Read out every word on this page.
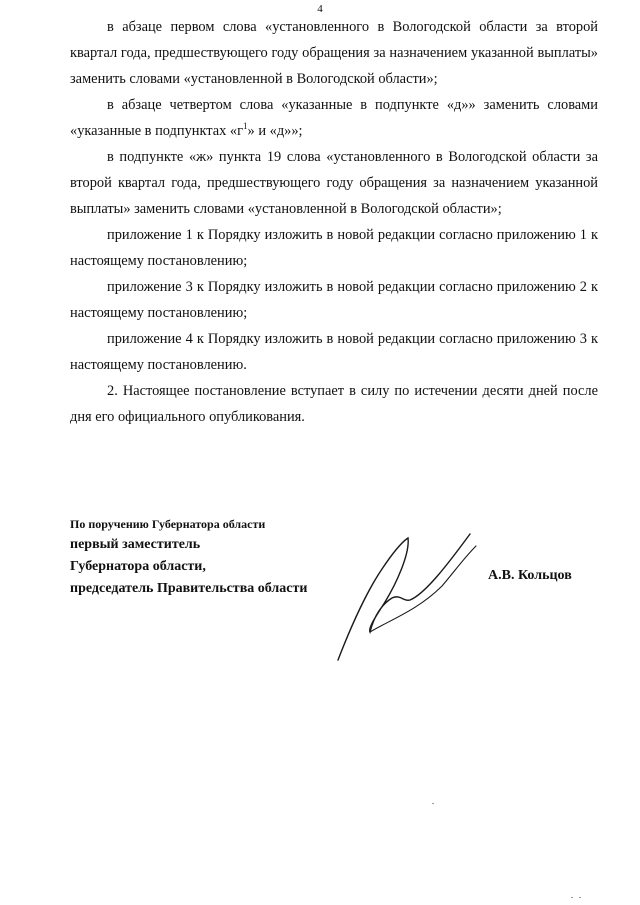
4

в абзаце первом слова «установленного в Вологодской области за второй квартал года, предшествующего году обращения за назначением указанной выплаты» заменить словами «установленной в Вологодской области»;

в абзаце четвертом слова «указанные в подпункте «д»» заменить словами «указанные в подпунктах «$г^1$» и «д»»;

в подпункте «ж» пункта 19 слова «установленного в Вологодской области за второй квартал года, предшествующего году обращения за назначением указанной выплаты» заменить словами «установленной в Вологодской области»;

приложение 1 к Порядку изложить в новой редакции согласно приложению 1 к настоящему постановлению;

приложение 3 к Порядку изложить в новой редакции согласно приложению 2 к настоящему постановлению;

приложение 4 к Порядку изложить в новой редакции согласно приложению 3 к настоящему постановлению.

2. Настоящее постановление вступает в силу по истечении десяти дней после дня его официального опубликования.

По поручению Губернатора области
первый заместитель
Губернатора области,
председатель Правительства области
А.В. Кольцов
